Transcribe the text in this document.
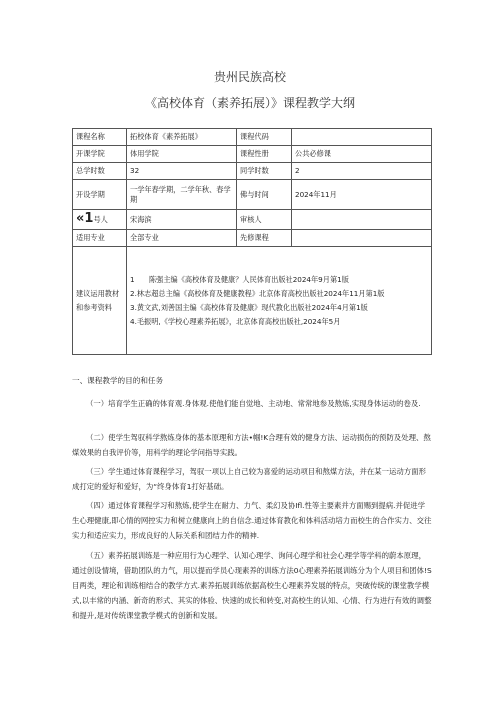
贵州民族高校
《高校体育（素养拓展）》课程教学大纲
课程名称	拓校体育《素养拓展》	课程代码	
开课学院	体用学院	课程性册	公共必修课
总学时数	32	同学时数	2
开设学期	一学年春学期，二学年秋、春学期	佛与时间	2024年11月
«1号人	宋海滨	审核人	
适用专业	全部专业	先修课程	
建议运用教材和参考资料	1　　陈强主编《高校体育及健康？人民体育出版社2024年9月第1版
2.林志超总主编《高校体育及健康教程》北京体育高校出版社2024年11月第1版
3.黄文武,刘善国主编《高校体育及健康》现代教化出版社2024年4月第1版
4.毛振明,《学校心理素养拓展》，北京体育高校出版社,2024年5月		
一、课程教学的目的和任务

（一）培育学生正确的体育观.身体观.使他们能自觉地、主动地、常常地参及熬炼,实现身体运动的卷及.

（二）使学生驾驭科学熬炼身体的基本原理和方法•帼!K合理有效的健身方法、运动损伤的预防及处理、熬煤效果的自我评价等，用科学的理论学问指导实践。

（三）学生通过体育课程学习，驾驭一项以上自己较为喜爱的运动项目和熬煤方法，并在某一运动方面形成打定的爱好和爱好，为“终身体育1打好基础。

（四）通过体育课程学习和熬炼,使学生在耐力、力气、柔幻及协Ifl.性等主要素并方面赐到提病.并促进学生心理健康,即心情的网控实力和树立健康向上的自信念.通过体育教化和体科活动培力而校生的合作实力、交往实力和适应实力，形成良好的人际关系和团结力作的精神.

（五）素养拓展训练是一种应用行为心理学、认知心理学、询问心理学和社会心理学等学科的蔚本原理，通过创设情境，借助团队的力气，用以提而学员心现素养的训练方法0心理素养拓展训练分为个人项目和团体!S目两类，理论和训练相结合的教学方式.素养拓展训练依据高校生心理素养发展的特点，突破传统的课堂教学模式,以丰常的内涵、新奇的形式、其实的体验、快速的成长和转变,对高校生的认知、心情、行为进行有效的调整和提升,是对传统课堂教学模式的创新和发展。
